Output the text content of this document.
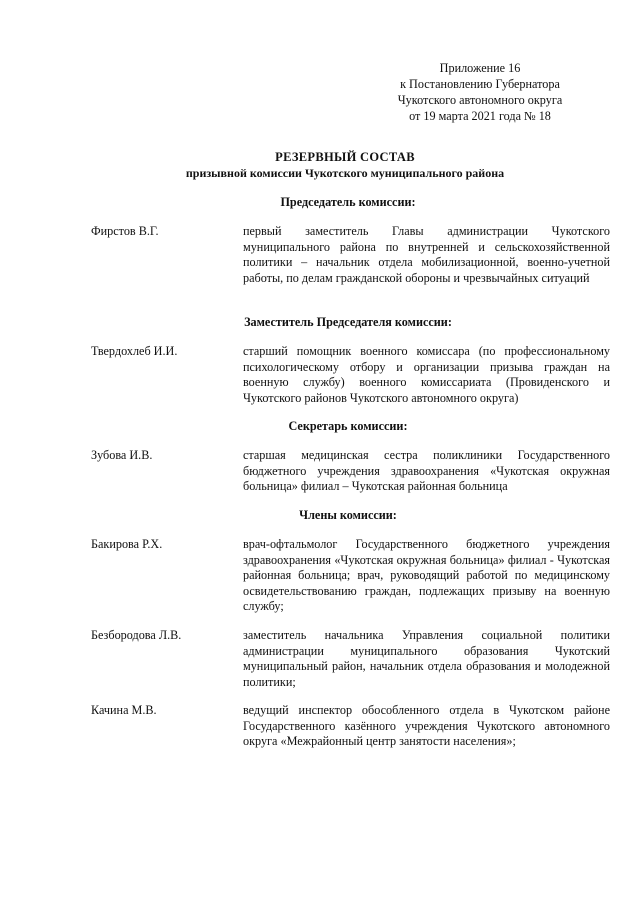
Приложение 16
к Постановлению Губернатора
Чукотского автономного округа
от 19 марта 2021 года № 18
РЕЗЕРВНЫЙ СОСТАВ
призывной комиссии Чукотского муниципального района
Председатель комиссии:
Фирстов В.Г.	первый заместитель Главы администрации Чукотского муниципального района по внутренней и сельскохозяйственной политики – начальник отдела мобилизационной, военно-учетной работы, по делам гражданской обороны и чрезвычайных ситуаций
Заместитель Председателя комиссии:
Твердохлеб И.И.	старший помощник военного комиссара (по профессиональному психологическому отбору и организации призыва граждан на военную службу) военного комиссариата (Провиденского и Чукотского районов Чукотского автономного округа)
Секретарь комиссии:
Зубова И.В.	старшая медицинская сестра поликлиники Государственного бюджетного учреждения здравоохранения «Чукотская окружная больница» филиал – Чукотская районная больница
Члены комиссии:
Бакирова Р.Х.	врач-офтальмолог Государственного бюджетного учреждения здравоохранения «Чукотская окружная больница» филиал - Чукотская районная больница; врач, руководящий работой по медицинскому освидетельствованию граждан, подлежащих призыву на военную службу;
Безбородова Л.В.	заместитель начальника Управления социальной политики администрации муниципального образования Чукотский муниципальный район, начальник отдела образования и молодежной политики;
Качина М.В.	ведущий инспектор обособленного отдела в Чукотском районе Государственного казённого учреждения Чукотского автономного округа «Межрайонный центр занятости населения»;
